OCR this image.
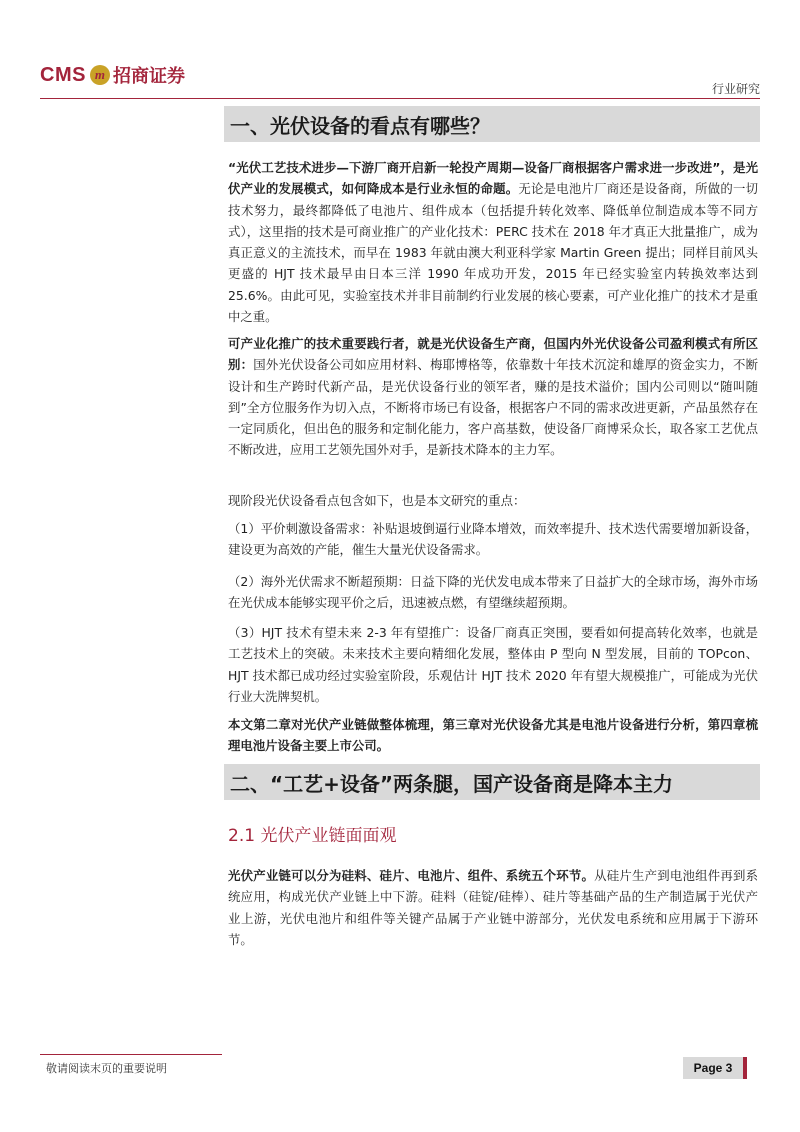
CMS m 招商证券
行业研究
一、光伏设备的看点有哪些？

“光伏工艺技术进步—下游厂商开启新一轮投产周期—设备厂商根据客户需求进一步改进”，是光伏产业的发展模式，如何降成本是行业永恒的命题。无论是电池片厂商还是设备商，所做的一切技术努力，最终都降低了电池片、组件成本（包括提升转化效率、降低单位制造成本等不同方式），这里指的技术是可商业推广的产业化技术：PERC 技术在 2018 年才真正大批量推广，成为真正意义的主流技术，而早在 1983 年就由澳大利亚科学家 Martin Green 提出；同样目前风头更盛的 HJT 技术最早由日本三洋 1990 年成功开发，2015 年已经实验室内转换效率达到 25.6%。由此可见，实验室技术并非目前制约行业发展的核心要素，可产业化推广的技术才是重中之重。

可产业化推广的技术重要践行者，就是光伏设备生产商，但国内外光伏设备公司盈利模式有所区别：国外光伏设备公司如应用材料、梅耶博格等，依靠数十年技术沉淀和雄厚的资金实力，不断设计和生产跨时代新产品，是光伏设备行业的领军者，赚的是技术溢价；国内公司则以“随叫随到”全方位服务作为切入点，不断将市场已有设备，根据客户不同的需求改进更新，产品虽然存在一定同质化，但出色的服务和定制化能力，客户高基数，使设备厂商博采众长，取各家工艺优点不断改进，应用工艺领先国外对手，是新技术降本的主力军。

现阶段光伏设备看点包含如下，也是本文研究的重点：

（1）平价刺激设备需求：补贴退坡倒逼行业降本增效，而效率提升、技术迭代需要增加新设备，建设更为高效的产能，催生大量光伏设备需求。

（2）海外光伏需求不断超预期：日益下降的光伏发电成本带来了日益扩大的全球市场，海外市场在光伏成本能够实现平价之后，迅速被点燃，有望继续超预期。

（3）HJT 技术有望未来 2-3 年有望推广：设备厂商真正突围，要看如何提高转化效率，也就是工艺技术上的突破。未来技术主要向精细化发展，整体由 P 型向 N 型发展，目前的 TOPcon、HJT 技术都已成功经过实验室阶段，乐观估计 HJT 技术 2020 年有望大规模推广，可能成为光伏行业大洗牌契机。

本文第二章对光伏产业链做整体梳理，第三章对光伏设备尤其是电池片设备进行分析，第四章梳理电池片设备主要上市公司。

二、“工艺+设备”两条腿，国产设备商是降本主力
2.1 光伏产业链面面观

光伏产业链可以分为硅料、硅片、电池片、组件、系统五个环节。从硅片生产到电池组件再到系统应用，构成光伏产业链上中下游。硅料（硅锭/硅棒）、硅片等基础产品的生产制造属于光伏产业上游，光伏电池片和组件等关键产品属于产业链中游部分，光伏发电系统和应用属于下游环节。

敬请阅读末页的重要说明	Page 3
